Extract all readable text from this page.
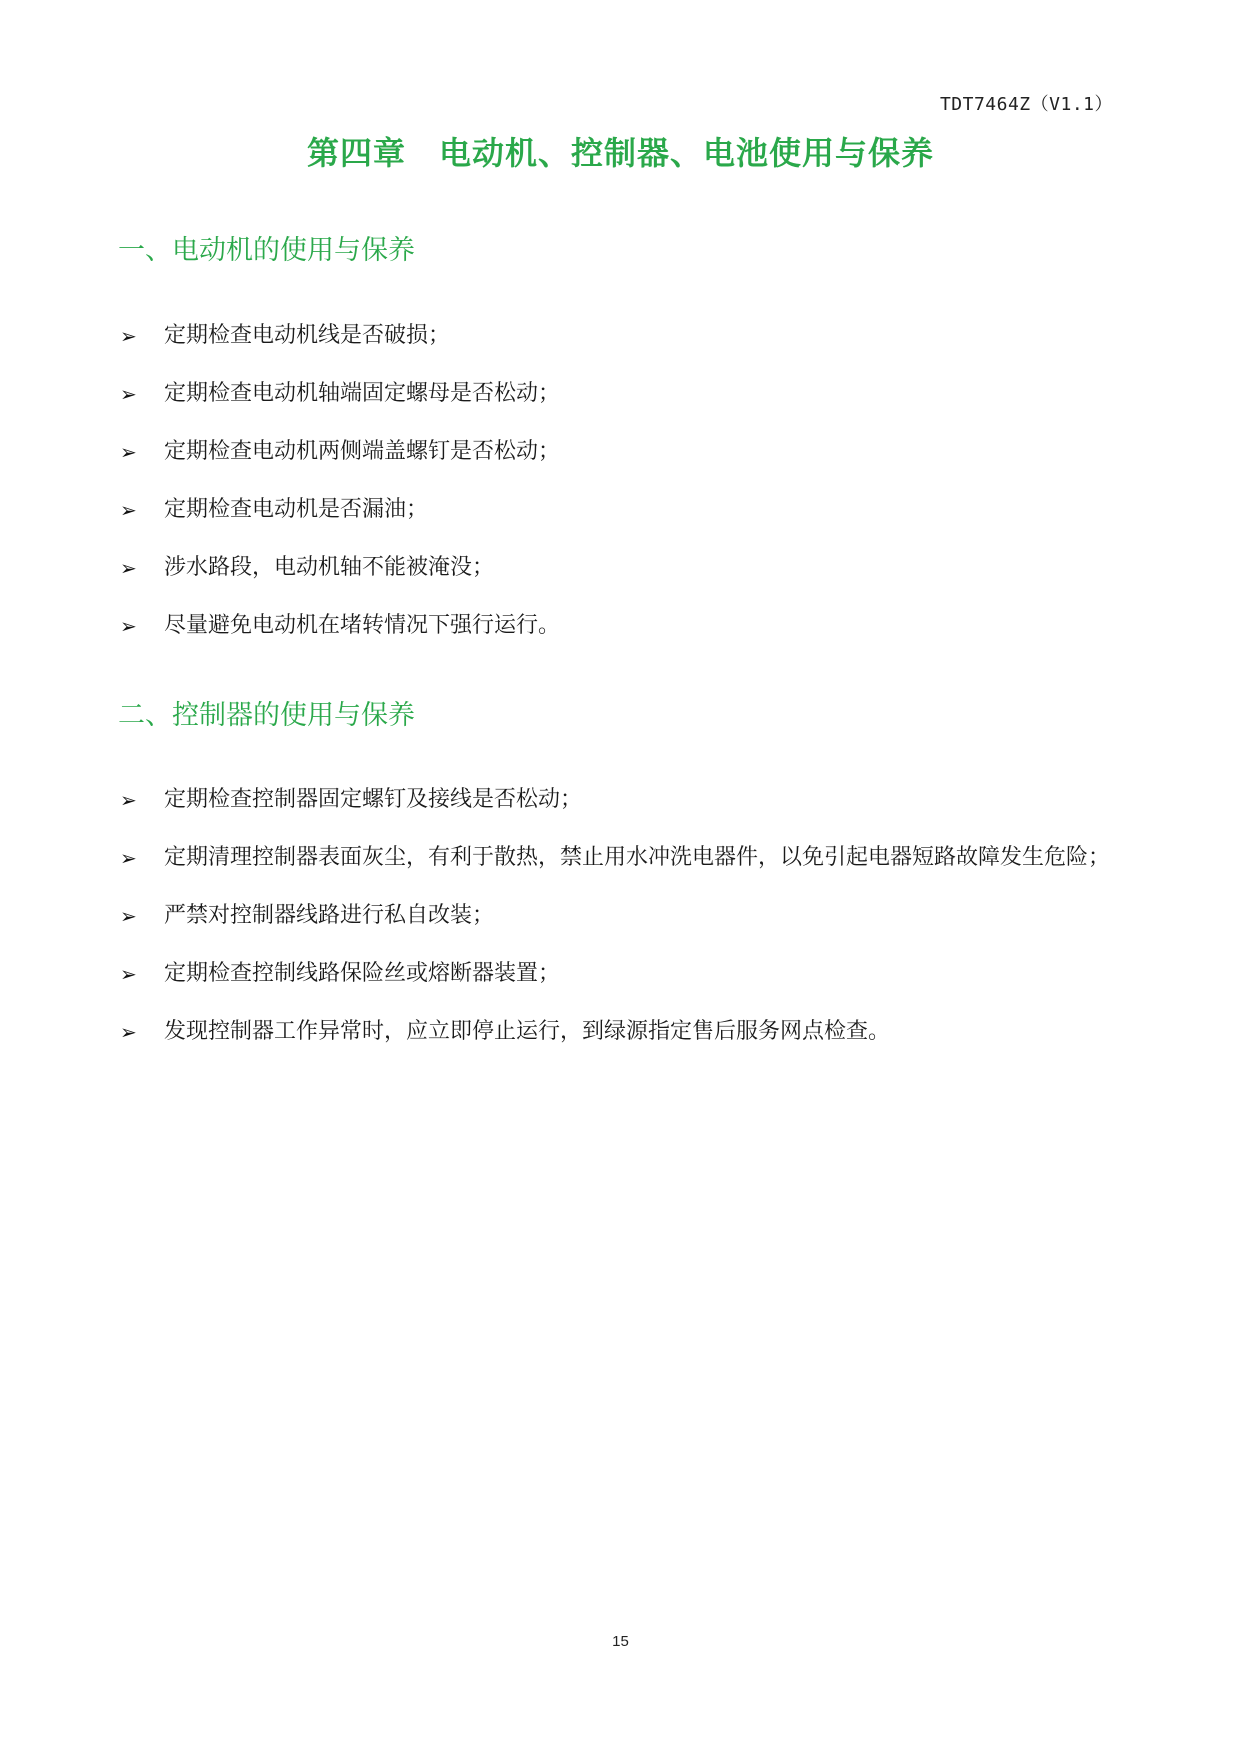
TDT7464Z（V1.1）
第四章　电动机、控制器、电池使用与保养
一、电动机的使用与保养
➢ 定期检查电动机线是否破损；
➢ 定期检查电动机轴端固定螺母是否松动；
➢ 定期检查电动机两侧端盖螺钉是否松动；
➢ 定期检查电动机是否漏油；
➢ 涉水路段，电动机轴不能被淹没；
➢ 尽量避免电动机在堵转情况下强行运行。
二、控制器的使用与保养
➢ 定期检查控制器固定螺钉及接线是否松动；
➢ 定期清理控制器表面灰尘，有利于散热，禁止用水冲洗电器件，以免引起电器短路故障发生危险；
➢ 严禁对控制器线路进行私自改装；
➢ 定期检查控制线路保险丝或熔断器装置；
➢ 发现控制器工作异常时，应立即停止运行，到绿源指定售后服务网点检查。
15
